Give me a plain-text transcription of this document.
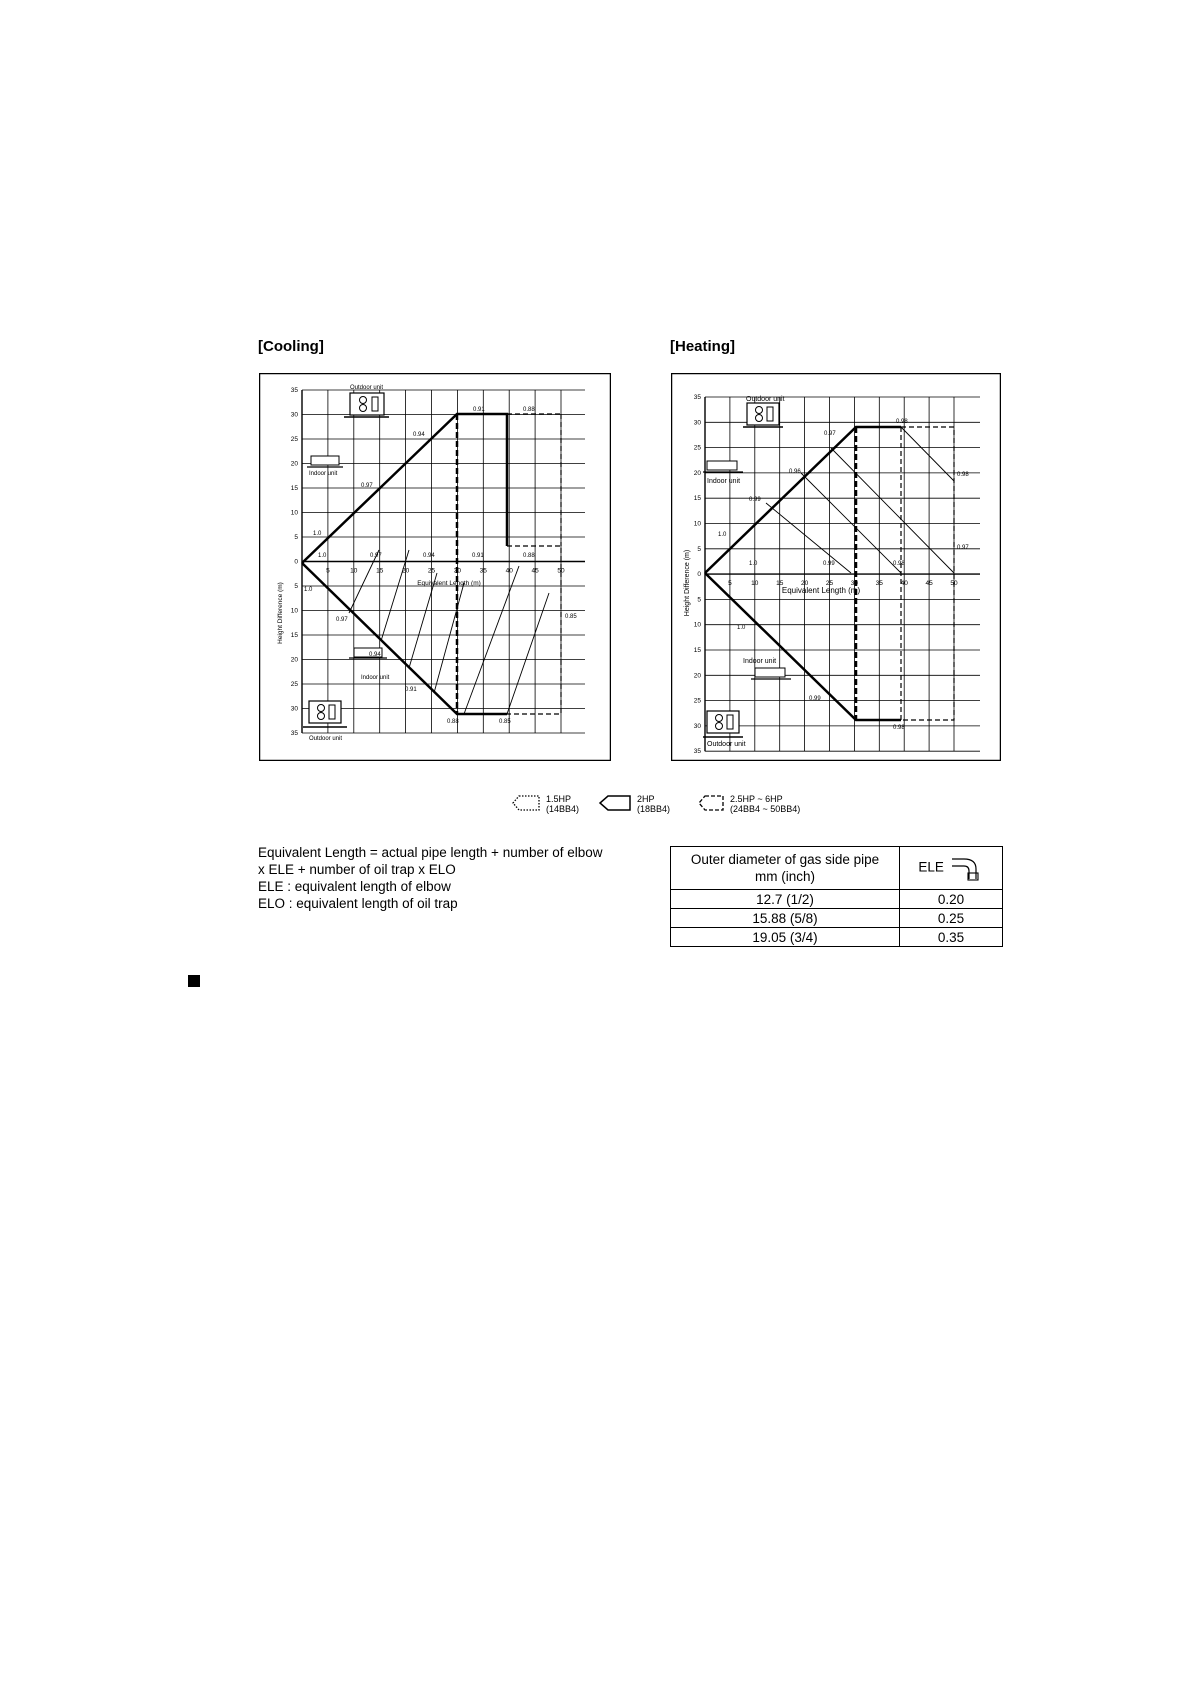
[Cooling]	[Heating]
35
30
25
20
15
10
5
0
5
10
15
20
25
30
35
5	10	15	20	25	30	35	40	45	50
Height Difference (m)	Equivalent Length (m)
Outdoor unit
Indoor unit
Indoor unit
Outdoor unit
0.91	0.88
0.94
0.97
1.0
1.0	0.97	0.94	0.91	0.88
1.0
0.97
0.94
0.91
0.88	0.85
0.85
35
30
25
20
15
10
5
0
5
10
15
20
25
30
35
5	10	15	20	25	30	35	40	45	50
Height Difference (m)	Equivalent Length (m)
Outdoor unit
Indoor unit
Indoor unit
Outdoor unit
0.98
0.97
0.96
0.99
1.0
1.0	0.99	0.98
0.98
0.97
1.0
0.99
0.98
1.5HP
(14BB4)
2HP
(18BB4)
2.5HP ~ 6HP
(24BB4 ~ 50BB4)
Equivalent Length = actual pipe length + number of elbow
x ELE + number of oil trap x ELO
ELE : equivalent length of elbow
ELO : equivalent length of oil trap
Outer diameter of gas side pipe
mm (inch)	ELE
12.7 (1/2)	0.20
15.88 (5/8)	0.25
19.05 (3/4)	0.35
